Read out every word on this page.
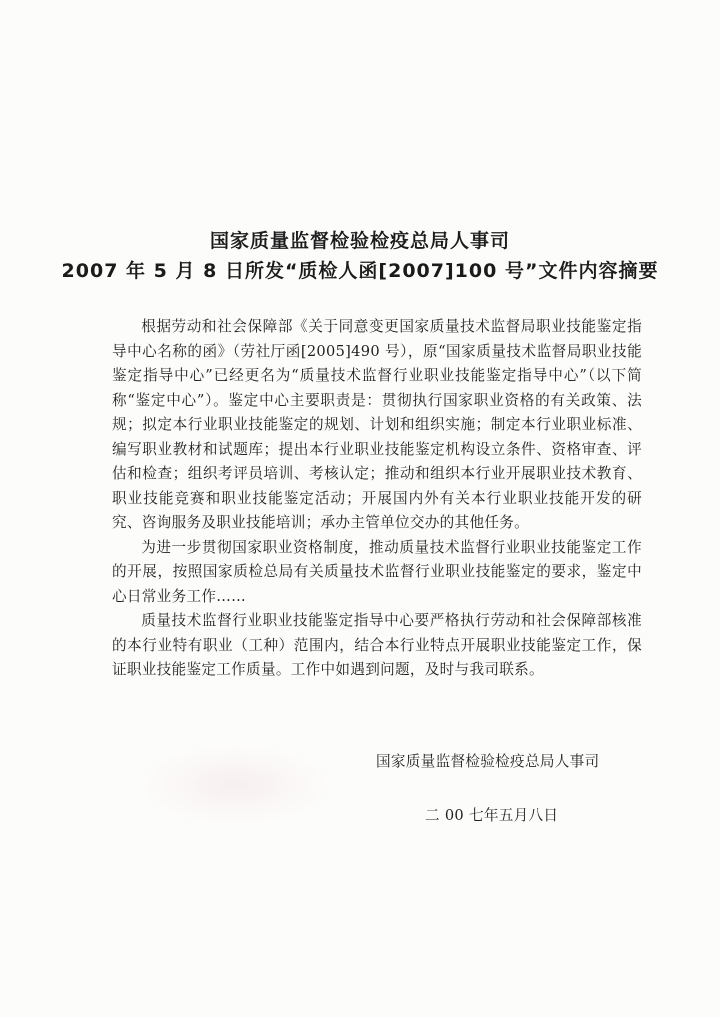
国家质量监督检验检疫总局人事司
2007 年 5 月 8 日所发“质检人函[2007]100 号”文件内容摘要

根据劳动和社会保障部《关于同意变更国家质量技术监督局职业技能鉴定指导中心名称的函》（劳社厅函[2005]490 号），原“国家质量技术监督局职业技能鉴定指导中心”已经更名为“质量技术监督行业职业技能鉴定指导中心”（以下简称“鉴定中心”）。鉴定中心主要职责是：贯彻执行国家职业资格的有关政策、法规；拟定本行业职业技能鉴定的规划、计划和组织实施；制定本行业职业标准、编写职业教材和试题库；提出本行业职业技能鉴定机构设立条件、资格审查、评估和检查；组织考评员培训、考核认定；推动和组织本行业开展职业技术教育、职业技能竞赛和职业技能鉴定活动；开展国内外有关本行业职业技能开发的研究、咨询服务及职业技能培训；承办主管单位交办的其他任务。

为进一步贯彻国家职业资格制度，推动质量技术监督行业职业技能鉴定工作的开展，按照国家质检总局有关质量技术监督行业职业技能鉴定的要求，鉴定中心日常业务工作……

质量技术监督行业职业技能鉴定指导中心要严格执行劳动和社会保障部核准的本行业特有职业（工种）范围内，结合本行业特点开展职业技能鉴定工作，保证职业技能鉴定工作质量。工作中如遇到问题，及时与我司联系。

国家质量监督检验检疫总局人事司
二 00 七年五月八日
